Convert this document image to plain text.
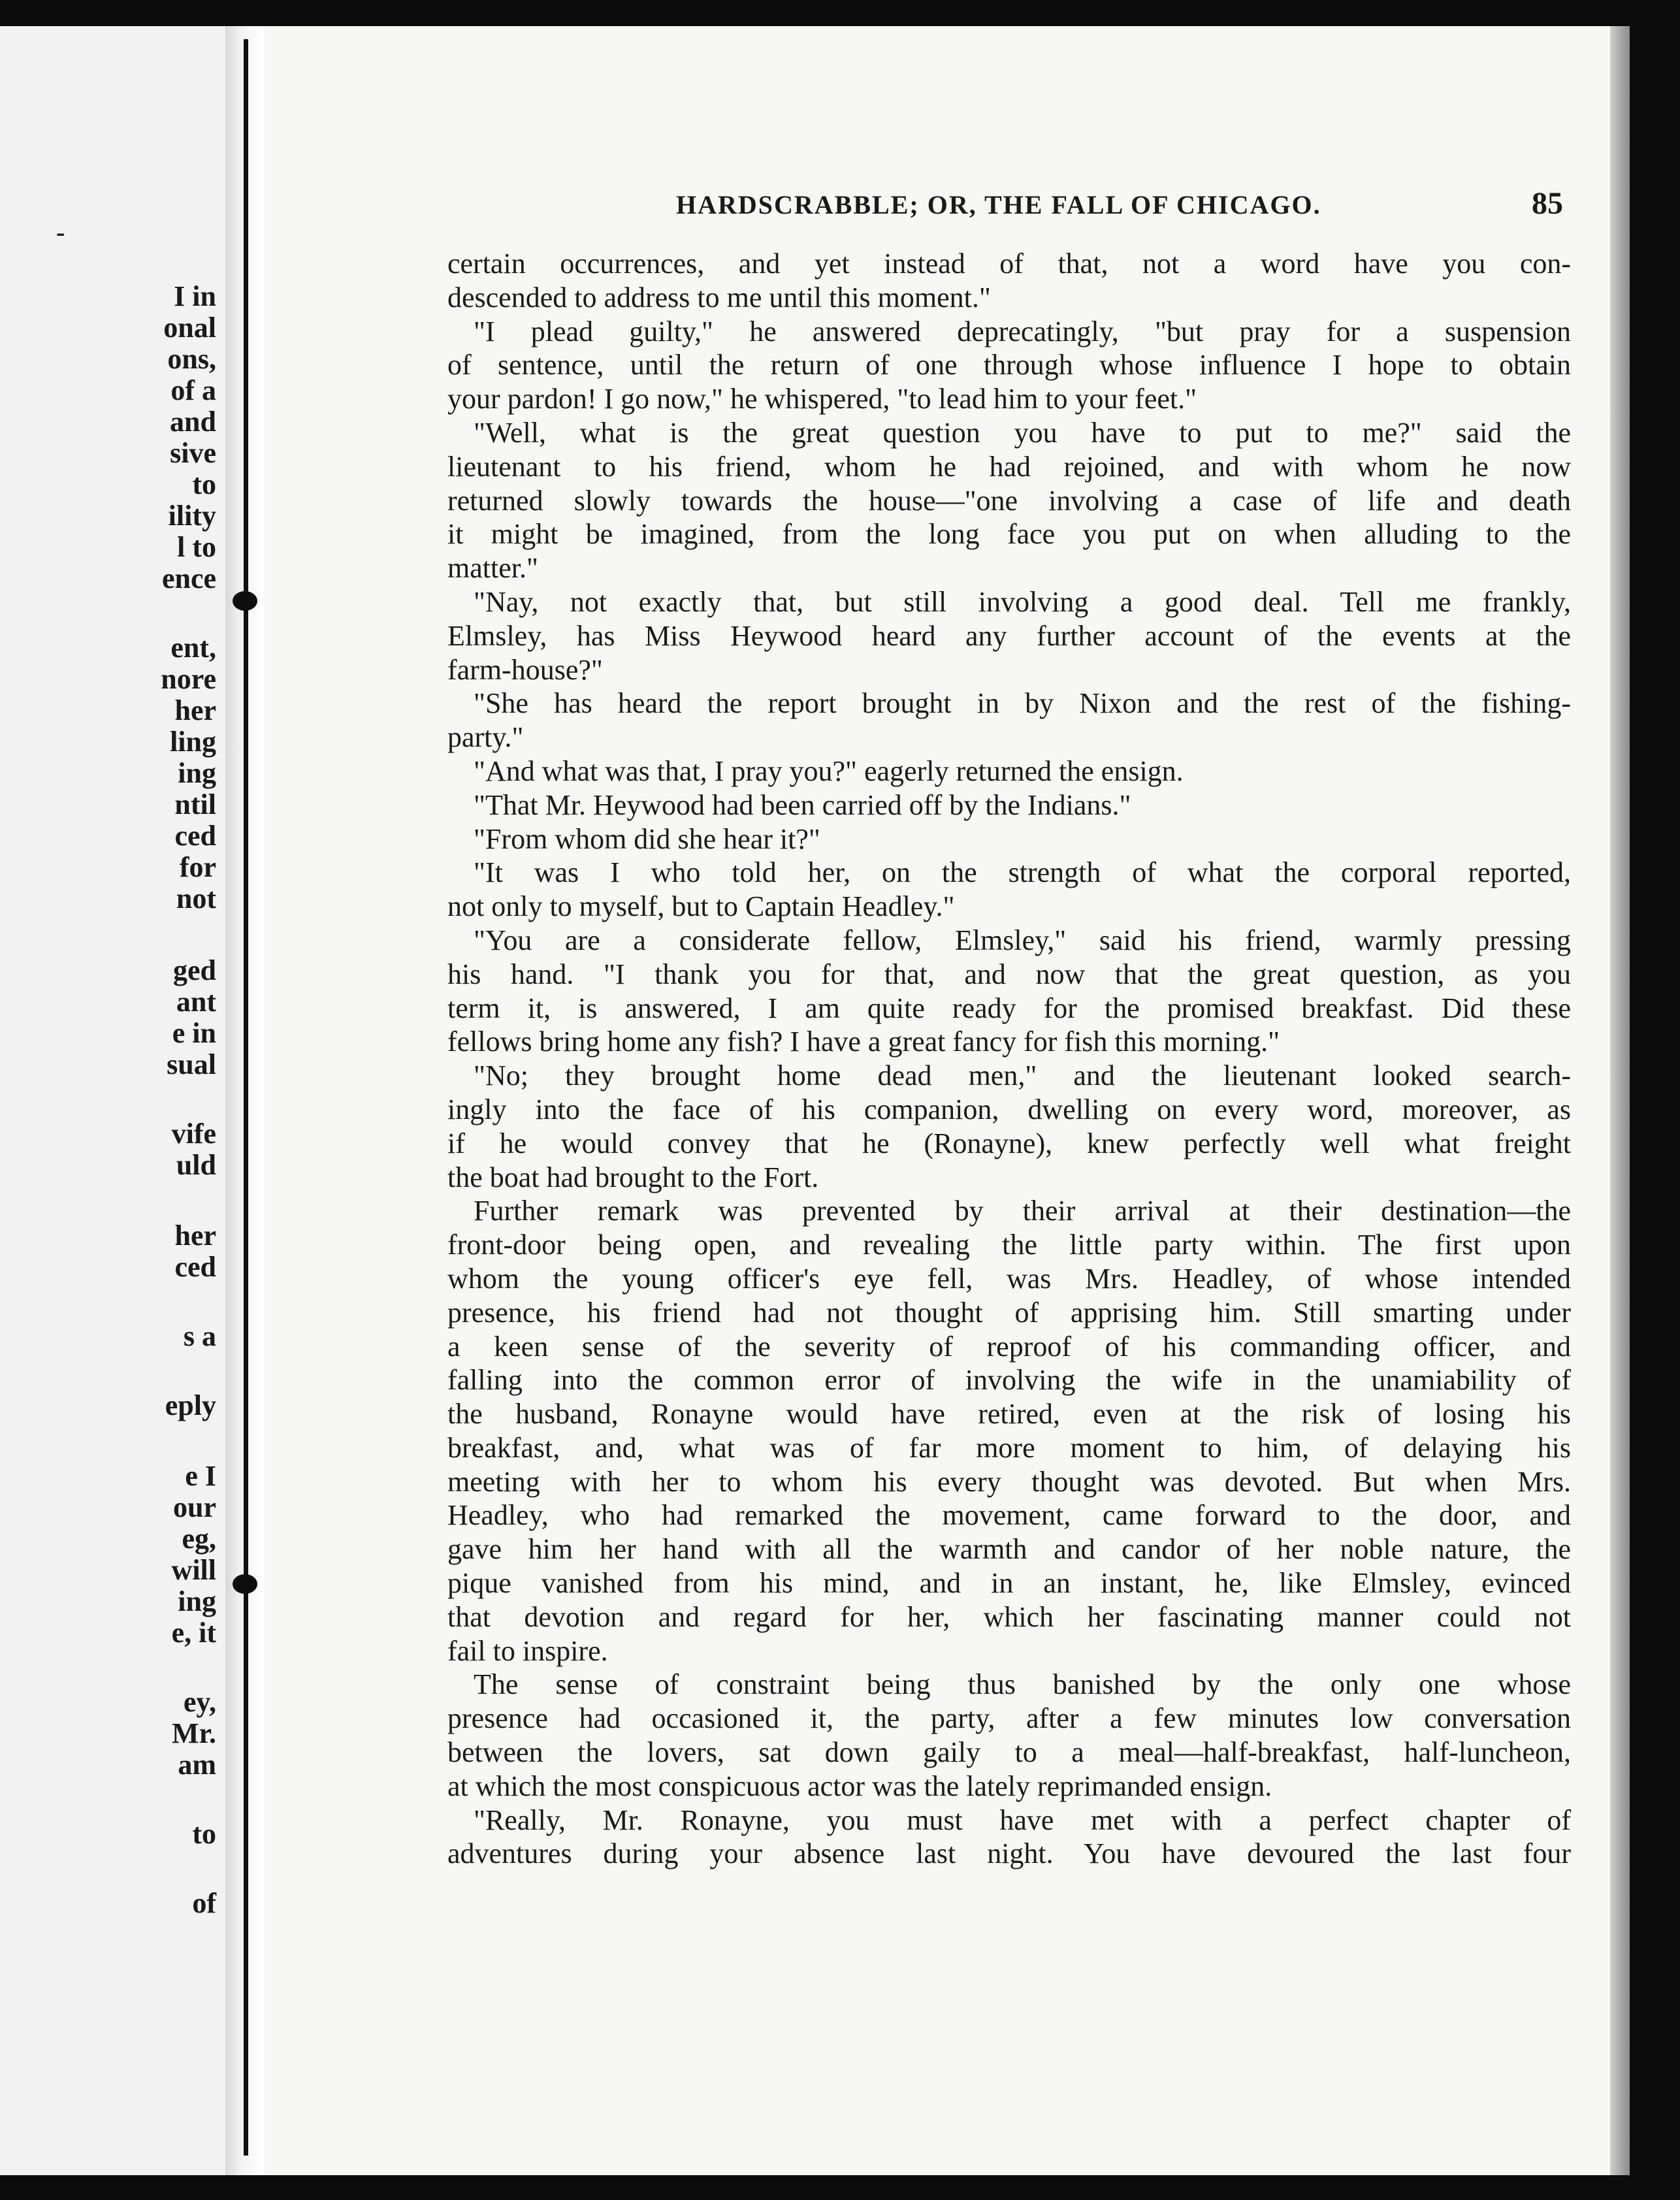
-
I in
onal
ons,
of a
and
sive
to
ility
l to
ence
ent,
nore
her
ling
ing
ntil
ced
for
not
ged
ant
e in
sual
vife
uld
her
ced
s a
eply
e I
our
eg,
will
ing
e, it
ey,
Mr.
am
to
of
HARDSCRABBLE; OR, THE FALL OF CHICAGO.	85
certain occurrences, and yet instead of that, not a word have you con-
descended to address to me until this moment."
"I plead guilty," he answered deprecatingly, "but pray for a suspension
of sentence, until the return of one through whose influence I hope to obtain
your pardon! I go now," he whispered, "to lead him to your feet."
"Well, what is the great question you have to put to me?" said the
lieutenant to his friend, whom he had rejoined, and with whom he now
returned slowly towards the house—"one involving a case of life and death
it might be imagined, from the long face you put on when alluding to the
matter."
"Nay, not exactly that, but still involving a good deal. Tell me frankly,
Elmsley, has Miss Heywood heard any further account of the events at the
farm-house?"
"She has heard the report brought in by Nixon and the rest of the fishing-
party."
"And what was that, I pray you?" eagerly returned the ensign.
"That Mr. Heywood had been carried off by the Indians."
"From whom did she hear it?"
"It was I who told her, on the strength of what the corporal reported,
not only to myself, but to Captain Headley."
"You are a considerate fellow, Elmsley," said his friend, warmly pressing
his hand. "I thank you for that, and now that the great question, as you
term it, is answered, I am quite ready for the promised breakfast. Did these
fellows bring home any fish? I have a great fancy for fish this morning."
"No; they brought home dead men," and the lieutenant looked search-
ingly into the face of his companion, dwelling on every word, moreover, as
if he would convey that he (Ronayne), knew perfectly well what freight
the boat had brought to the Fort.
Further remark was prevented by their arrival at their destination—the
front-door being open, and revealing the little party within. The first upon
whom the young officer's eye fell, was Mrs. Headley, of whose intended
presence, his friend had not thought of apprising him. Still smarting under
a keen sense of the severity of reproof of his commanding officer, and
falling into the common error of involving the wife in the unamiability of
the husband, Ronayne would have retired, even at the risk of losing his
breakfast, and, what was of far more moment to him, of delaying his
meeting with her to whom his every thought was devoted. But when Mrs.
Headley, who had remarked the movement, came forward to the door, and
gave him her hand with all the warmth and candor of her noble nature, the
pique vanished from his mind, and in an instant, he, like Elmsley, evinced
that devotion and regard for her, which her fascinating manner could not
fail to inspire.
The sense of constraint being thus banished by the only one whose
presence had occasioned it, the party, after a few minutes low conversation
between the lovers, sat down gaily to a meal—half-breakfast, half-luncheon,
at which the most conspicuous actor was the lately reprimanded ensign.
"Really, Mr. Ronayne, you must have met with a perfect chapter of
adventures during your absence last night. You have devoured the last four
